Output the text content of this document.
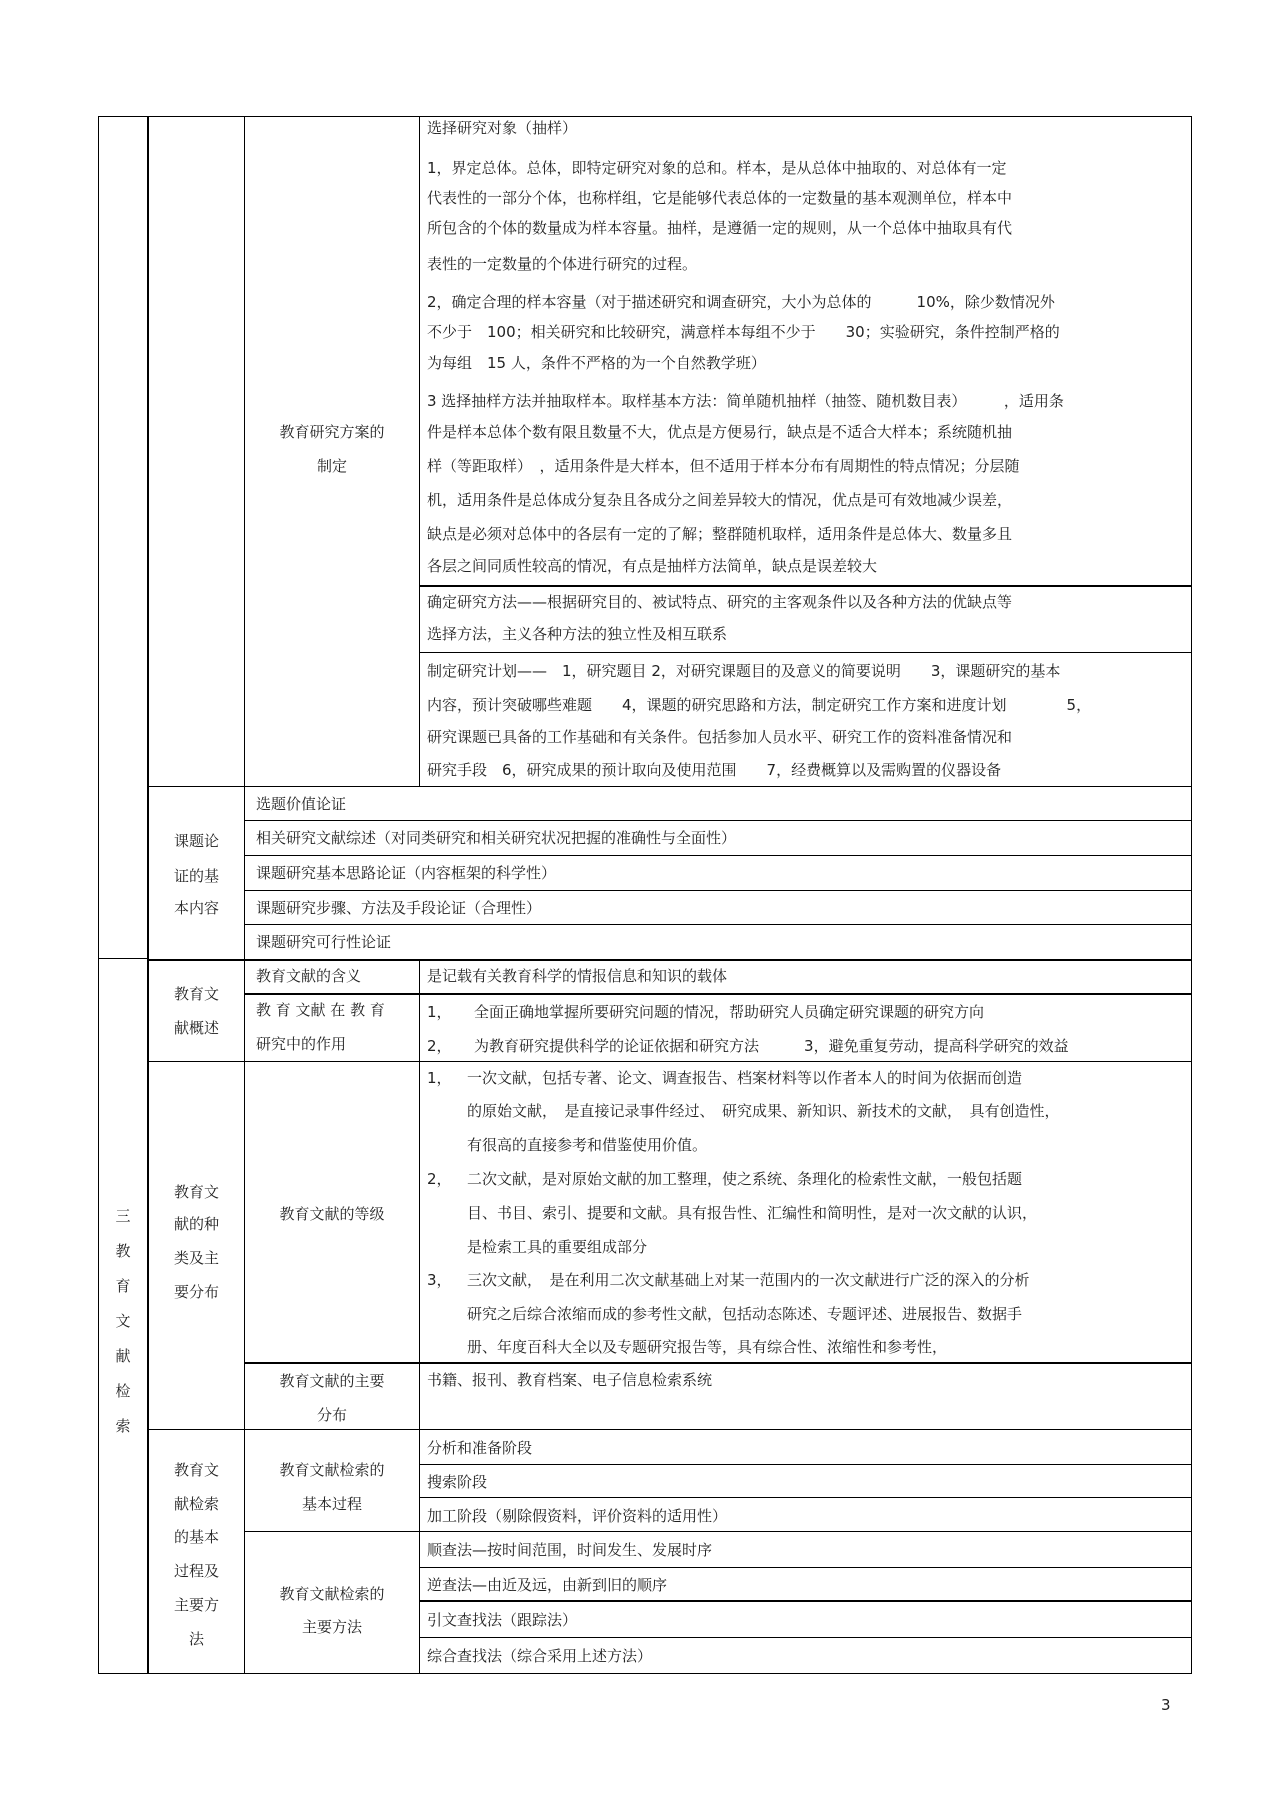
三
教
育
文
献
检
索
教育研究方案的
制定
选择研究对象（抽样）
1，界定总体。总体，即特定研究对象的总和。样本，是从总体中抽取的、对总体有一定
代表性的一部分个体，也称样组，它是能够代表总体的一定数量的基本观测单位，样本中
所包含的个体的数量成为样本容量。抽样，是遵循一定的规则，从一个总体中抽取具有代
表性的一定数量的个体进行研究的过程。
2，确定合理的样本容量（对于描述研究和调查研究，大小为总体的　　　10%，除少数情况外
不少于　100；相关研究和比较研究，满意样本每组不少于　　30；实验研究，条件控制严格的
为每组　15 人，条件不严格的为一个自然教学班）
3 选择抽样方法并抽取样本。取样基本方法：简单随机抽样（抽签、随机数目表）　　　，适用条
件是样本总体个数有限且数量不大，优点是方便易行，缺点是不适合大样本；系统随机抽
样（等距取样）　，适用条件是大样本，但不适用于样本分布有周期性的特点情况；分层随
机，适用条件是总体成分复杂且各成分之间差异较大的情况，优点是可有效地减少误差，
缺点是必须对总体中的各层有一定的了解；整群随机取样，适用条件是总体大、数量多且
各层之间同质性较高的情况，有点是抽样方法简单，缺点是误差较大
确定研究方法——根据研究目的、被试特点、研究的主客观条件以及各种方法的优缺点等
选择方法，主义各种方法的独立性及相互联系
制定研究计划——　1，研究题目 2，对研究课题目的及意义的简要说明　　3，课题研究的基本
内容，预计突破哪些难题　　4，课题的研究思路和方法，制定研究工作方案和进度计划　　　　5，
研究课题已具备的工作基础和有关条件。包括参加人员水平、研究工作的资料准备情况和
研究手段　6，研究成果的预计取向及使用范围　　7，经费概算以及需购置的仪器设备
课题论
证的基
本内容
选题价值论证
相关研究文献综述（对同类研究和相关研究状况把握的准确性与全面性）
课题研究基本思路论证（内容框架的科学性）
课题研究步骤、方法及手段论证（合理性）
课题研究可行性论证
教育文
献概述
教育文献的含义	是记载有关教育科学的情报信息和知识的载体
教 育 文献 在 教 育
研究中的作用
1，　　全面正确地掌握所要研究问题的情况，帮助研究人员确定研究课题的研究方向
2，　　为教育研究提供科学的论证依据和研究方法　　　3，避免重复劳动，提高科学研究的效益
教育文
献的种
类及主
要分布
教育文献的等级
1， 一次文献，包括专著、论文、调查报告、档案材料等以作者本人的时间为依据而创造
的原始文献，　是直接记录事件经过、　研究成果、新知识、新技术的文献，　具有创造性，
有很高的直接参考和借鉴使用价值。
2， 二次文献，是对原始文献的加工整理，使之系统、条理化的检索性文献，一般包括题
目、书目、索引、提要和文献。具有报告性、汇编性和简明性，是对一次文献的认识，
是检索工具的重要组成部分
3， 三次文献，　是在利用二次文献基础上对某一范围内的一次文献进行广泛的深入的分析
研究之后综合浓缩而成的参考性文献，包括动态陈述、专题评述、进展报告、数据手
册、年度百科大全以及专题研究报告等，具有综合性、浓缩性和参考性，
教育文献的主要
分布
书籍、报刊、教育档案、电子信息检索系统
教育文
献检索
的基本
过程及
主要方
法
教育文献检索的
基本过程
分析和准备阶段
搜索阶段
加工阶段（剔除假资料，评价资料的适用性）
教育文献检索的
主要方法
顺查法—按时间范围，时间发生、发展时序
逆查法—由近及远，由新到旧的顺序
引文查找法（跟踪法）
综合查找法（综合采用上述方法）
3
